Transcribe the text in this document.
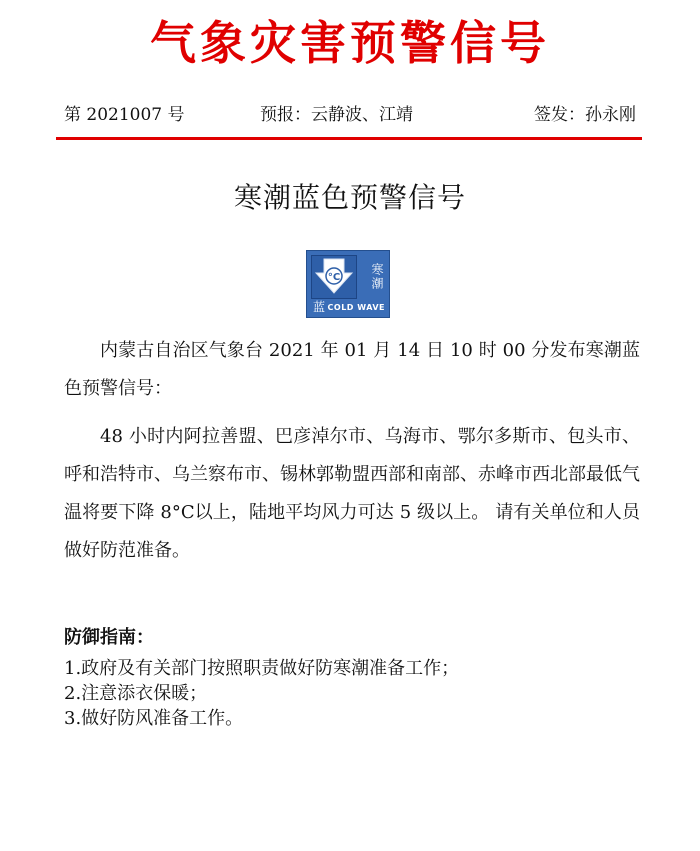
气象灾害预警信号
第 2021007 号	预报：云静波、江靖	签发：孙永刚
寒潮蓝色预警信号
°C	寒潮
蓝 COLD WAVE
内蒙古自治区气象台 2021 年 01 月 14 日 10 时 00 分发布寒潮蓝色预警信号：
48 小时内阿拉善盟、巴彦淖尔市、乌海市、鄂尔多斯市、包头市、呼和浩特市、乌兰察布市、锡林郭勒盟西部和南部、赤峰市西北部最低气温将要下降 8°C以上，陆地平均风力可达 5 级以上。 请有关单位和人员做好防范准备。
防御指南：
1.政府及有关部门按照职责做好防寒潮准备工作；
2.注意添衣保暖；
3.做好防风准备工作。
